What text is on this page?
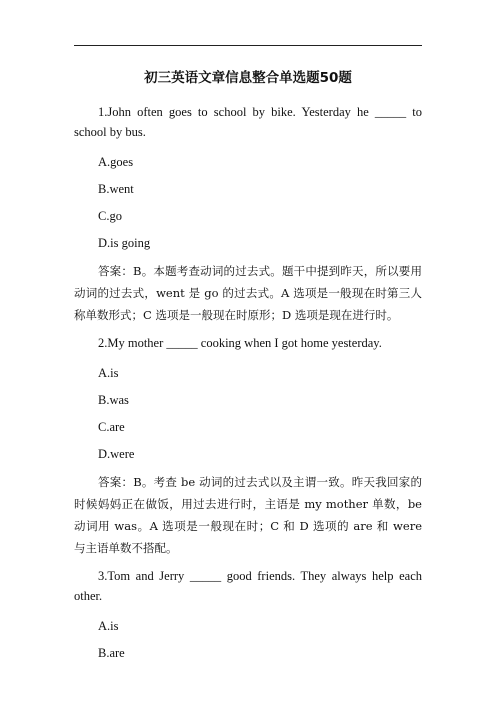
初三英语文章信息整合单选题50题

1.John often goes to school by bike. Yesterday he _____ to school by bus.

A.goes

B.went

C.go

D.is going

答案：B。本题考查动词的过去式。题干中提到昨天，所以要用动词的过去式，went 是 go 的过去式。A 选项是一般现在时第三人称单数形式；C 选项是一般现在时原形；D 选项是现在进行时。

2.My mother _____ cooking when I got home yesterday.

A.is

B.was

C.are

D.were

答案：B。考查 be 动词的过去式以及主谓一致。昨天我回家的时候妈妈正在做饭，用过去进行时，主语是 my mother 单数，be 动词用 was。A 选项是一般现在时；C 和 D 选项的 are 和 were 与主语单数不搭配。

3.Tom and Jerry _____ good friends. They always help each other.

A.is

B.are
